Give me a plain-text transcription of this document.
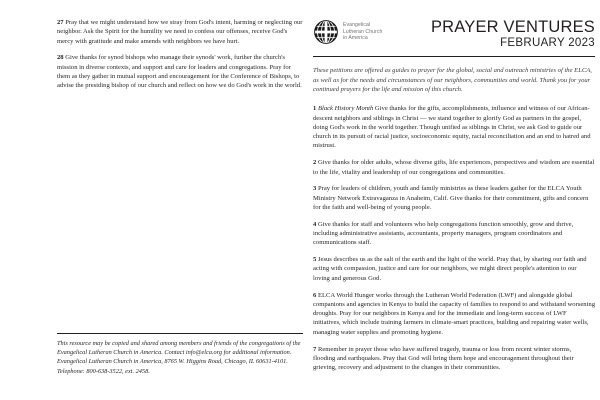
27 Pray that we might understand how we stray from God's intent, harming or neglecting our neighbor. Ask the Spirit for the humility we need to confess our offenses, receive God's mercy with gratitude and make amends with neighbors we have hurt.
28 Give thanks for synod bishops who manage their synods' work, further the church's mission in diverse contexts, and support and care for leaders and congregations. Pray for them as they gather in mutual support and encouragement for the Conference of Bishops, to advise the presiding bishop of our church and reflect on how we do God's work in the world.
This resource may be copied and shared among members and friends of the congregations of the Evangelical Lutheran Church in America. Contact info@elca.org for additional information. Evangelical Lutheran Church in America, 8765 W. Higgins Road, Chicago, IL 60631-4101. Telephone: 800-638-3522, ext. 2458.
Evangelical
Lutheran Church
in America
PRAYER VENTURES
FEBRUARY 2023
These petitions are offered as guides to prayer for the global, social and outreach ministries of the ELCA, as well as for the needs and circumstances of our neighbors, communities and world. Thank you for your continued prayers for the life and mission of this church.
1 Black History Month Give thanks for the gifts, accomplishments, influence and witness of our African-descent neighbors and siblings in Christ — we stand together to glorify God as partners in the gospel, doing God's work in the world together. Though unified as siblings in Christ, we ask God to guide our church in its pursuit of racial justice, socioeconomic equity, racial reconciliation and an end to hatred and mistrust.
2 Give thanks for older adults, whose diverse gifts, life experiences, perspectives and wisdom are essential to the life, vitality and leadership of our congregations and communities.
3 Pray for leaders of children, youth and family ministries as these leaders gather for the ELCA Youth Ministry Network Extravaganza in Anaheim, Calif. Give thanks for their commitment, gifts and concern for the faith and well-being of young people.
4 Give thanks for staff and volunteers who help congregations function smoothly, grow and thrive, including administrative assistants, accountants, property managers, program coordinators and communications staff.
5 Jesus describes us as the salt of the earth and the light of the world. Pray that, by sharing our faith and acting with compassion, justice and care for our neighbors, we might direct people's attention to our loving and generous God.
6 ELCA World Hunger works through the Lutheran World Federation (LWF) and alongside global companions and agencies in Kenya to build the capacity of families to respond to and withstand worsening droughts. Pray for our neighbors in Kenya and for the immediate and long-term success of LWF initiatives, which include training farmers in climate-smart practices, building and repairing water wells, managing water supplies and promoting hygiene.
7 Remember in prayer those who have suffered tragedy, trauma or loss from recent winter storms, flooding and earthquakes. Pray that God will bring them hope and encouragement throughout their grieving, recovery and adjustment to the changes in their communities.
